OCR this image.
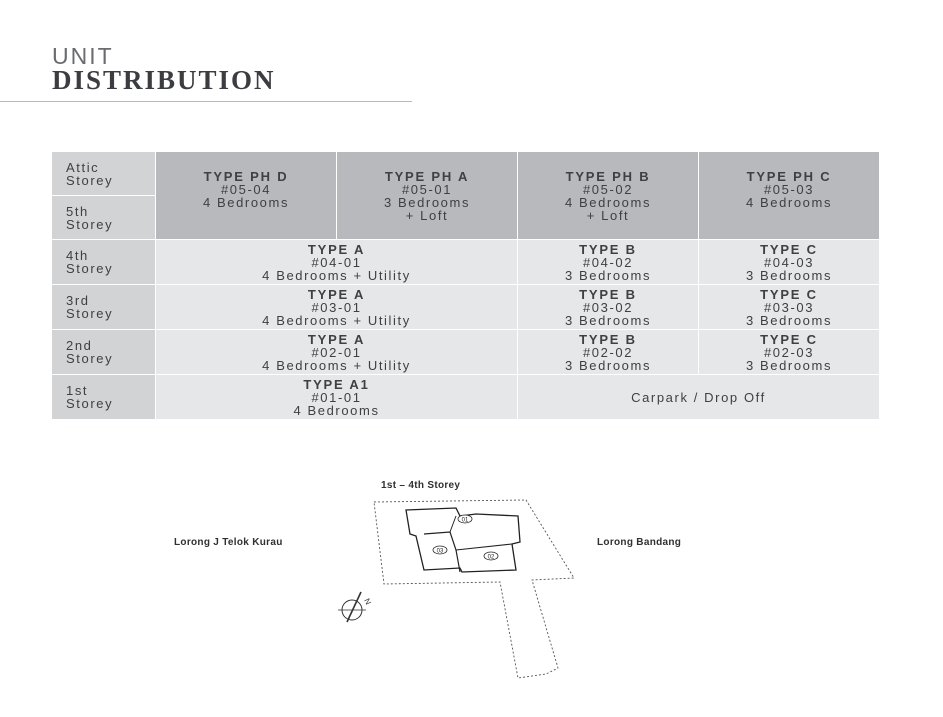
UNIT
DISTRIBUTION
Attic
Storey	TYPE PH D
#05-04
4 Bedrooms	TYPE PH A
#05-01
3 Bedrooms
+ Loft	TYPE PH B
#05-02
4 Bedrooms
+ Loft	TYPE PH C
#05-03
4 Bedrooms

5th
Storey				

4th
Storey	TYPE A
#04-01
4 Bedrooms + Utility		TYPE B
#04-02
3 Bedrooms	TYPE C
#04-03
3 Bedrooms

3rd
Storey	TYPE A
#03-01
4 Bedrooms + Utility		TYPE B
#03-02
3 Bedrooms	TYPE C
#03-03
3 Bedrooms

2nd
Storey	TYPE A
#02-01
4 Bedrooms + Utility		TYPE B
#02-02
3 Bedrooms	TYPE C
#02-03
3 Bedrooms

1st
Storey	TYPE A1
#01-01
4 Bedrooms		Carpark / Drop Off	
1st – 4th Storey
Lorong J Telok Kurau	Lorong Bandang
01
03
02
N
